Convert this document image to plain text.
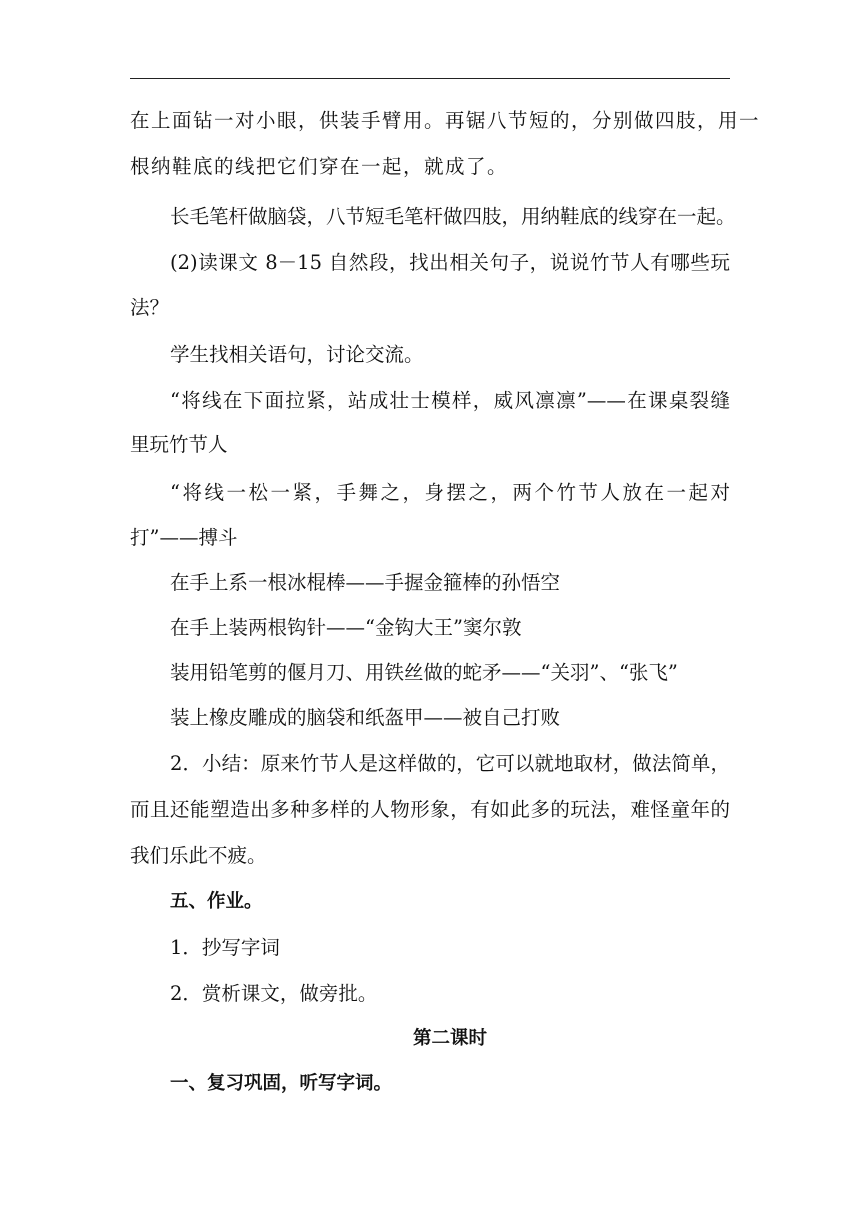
在上面钻一对小眼，供装手臂用。再锯八节短的，分别做四肢，用一
根纳鞋底的线把它们穿在一起，就成了。
长毛笔杆做脑袋，八节短毛笔杆做四肢，用纳鞋底的线穿在一起。
(2)读课文 8－15 自然段，找出相关句子，说说竹节人有哪些玩
法？
学生找相关语句，讨论交流。
“将线在下面拉紧，站成壮士模样，威风凛凛”——在课桌裂缝
里玩竹节人
“将线一松一紧，手舞之，身摆之，两个竹节人放在一起对
打”——搏斗
在手上系一根冰棍棒——手握金箍棒的孙悟空
在手上装两根钩针——“金钩大王”窦尔敦
装用铅笔剪的偃月刀、用铁丝做的蛇矛——“关羽”、“张飞”
装上橡皮雕成的脑袋和纸盔甲——被自己打败
2．小结：原来竹节人是这样做的，它可以就地取材，做法简单，
而且还能塑造出多种多样的人物形象，有如此多的玩法，难怪童年的
我们乐此不疲。
五、作业。
1．抄写字词
2．赏析课文，做旁批。
第二课时
一、复习巩固，听写字词。
